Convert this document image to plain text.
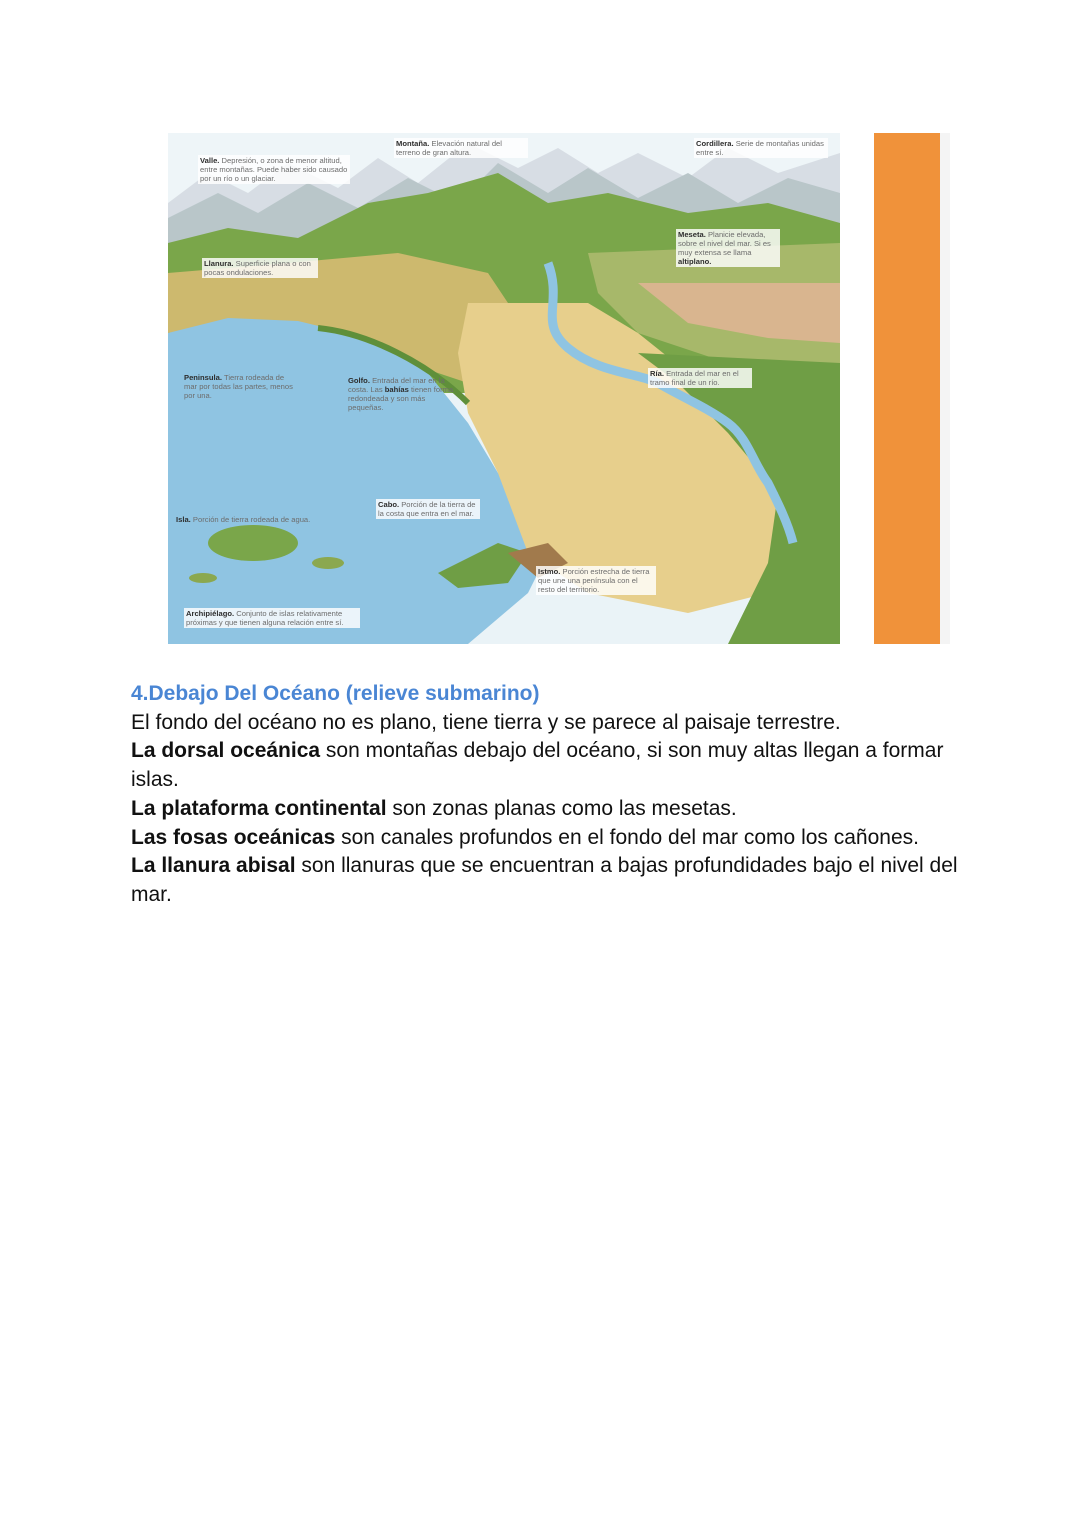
Valle. Depresión, o zona de menor altitud, entre montañas. Puede haber sido causado por un río o un glaciar.
Montaña. Elevación natural del terreno de gran altura.
Cordillera. Serie de montañas unidas entre sí.
Llanura. Superficie plana o con pocas ondulaciones.
Meseta. Planicie elevada, sobre el nivel del mar. Si es muy extensa se llama altiplano.
Peninsula. Tierra rodeada de mar por todas las partes, menos por una.
Golfo. Entrada del mar en la costa. Las bahías tienen forma redondeada y son más pequeñas.
Ría. Entrada del mar en el tramo final de un río.
Isla. Porción de tierra rodeada de agua.
Cabo. Porción de la tierra de la costa que entra en el mar.
Istmo. Porción estrecha de tierra que une una península con el resto del territorio.
Archipiélago. Conjunto de islas relativamente próximas y que tienen alguna relación entre sí.

4.Debajo Del Océano (relieve submarino)

El fondo del océano no es plano, tiene tierra y se parece al paisaje terrestre.

La dorsal oceánica son montañas debajo del océano, si son muy altas llegan a formar islas.

La plataforma continental son zonas planas como las mesetas.

Las fosas oceánicas son canales profundos en el fondo del mar como los cañones.

La llanura abisal son llanuras que se encuentran a bajas profundidades bajo el nivel del mar.
